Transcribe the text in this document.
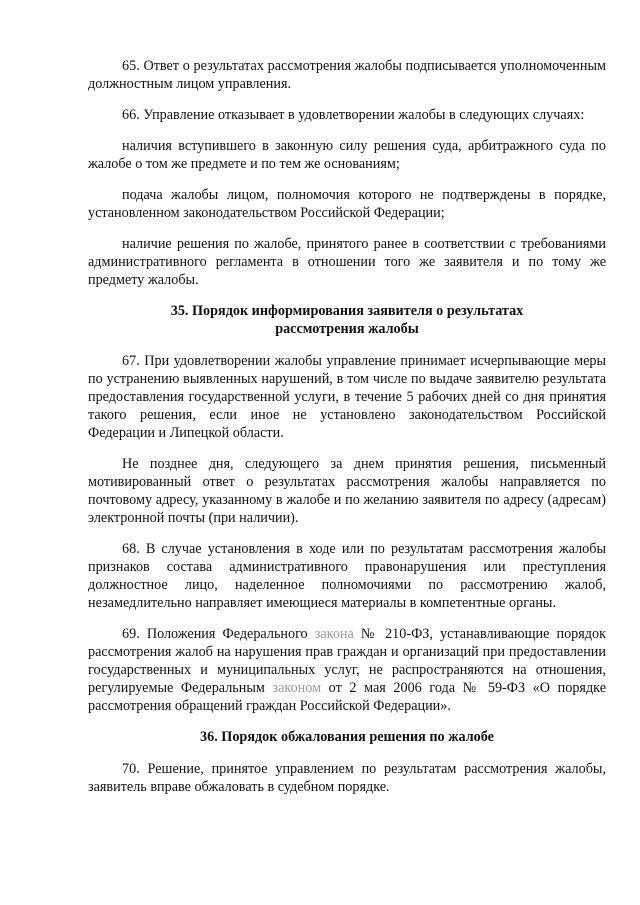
65. Ответ о результатах рассмотрения жалобы подписывается уполномоченным должностным лицом управления.

66. Управление отказывает в удовлетворении жалобы в следующих случаях:

наличия вступившего в законную силу решения суда, арбитражного суда по жалобе о том же предмете и по тем же основаниям;

подача жалобы лицом, полномочия которого не подтверждены в порядке, установленном законодательством Российской Федерации;

наличие решения по жалобе, принятого ранее в соответствии с требованиями административного регламента в отношении того же заявителя и по тому же предмету жалобы.

35. Порядок информирования заявителя о результатах
рассмотрения жалобы

67. При удовлетворении жалобы управление принимает исчерпывающие меры по устранению выявленных нарушений, в том числе по выдаче заявителю результата предоставления государственной услуги, в течение 5 рабочих дней со дня принятия такого решения, если иное не установлено законодательством Российской Федерации и Липецкой области.

Не позднее дня, следующего за днем принятия решения, письменный мотивированный ответ о результатах рассмотрения жалобы направляется по почтовому адресу, указанному в жалобе и по желанию заявителя по адресу (адресам) электронной почты (при наличии).

68. В случае установления в ходе или по результатам рассмотрения жалобы признаков состава административного правонарушения или преступления должностное лицо, наделенное полномочиями по рассмотрению жалоб, незамедлительно направляет имеющиеся материалы в компетентные органы.

69. Положения Федерального закона № 210-ФЗ, устанавливающие порядок рассмотрения жалоб на нарушения прав граждан и организаций при предоставлении государственных и муниципальных услуг, не распространяются на отношения, регулируемые Федеральным законом от 2 мая 2006 года № 59-ФЗ «О порядке рассмотрения обращений граждан Российской Федерации».

36. Порядок обжалования решения по жалобе

70. Решение, принятое управлением по результатам рассмотрения жалобы, заявитель вправе обжаловать в судебном порядке.
